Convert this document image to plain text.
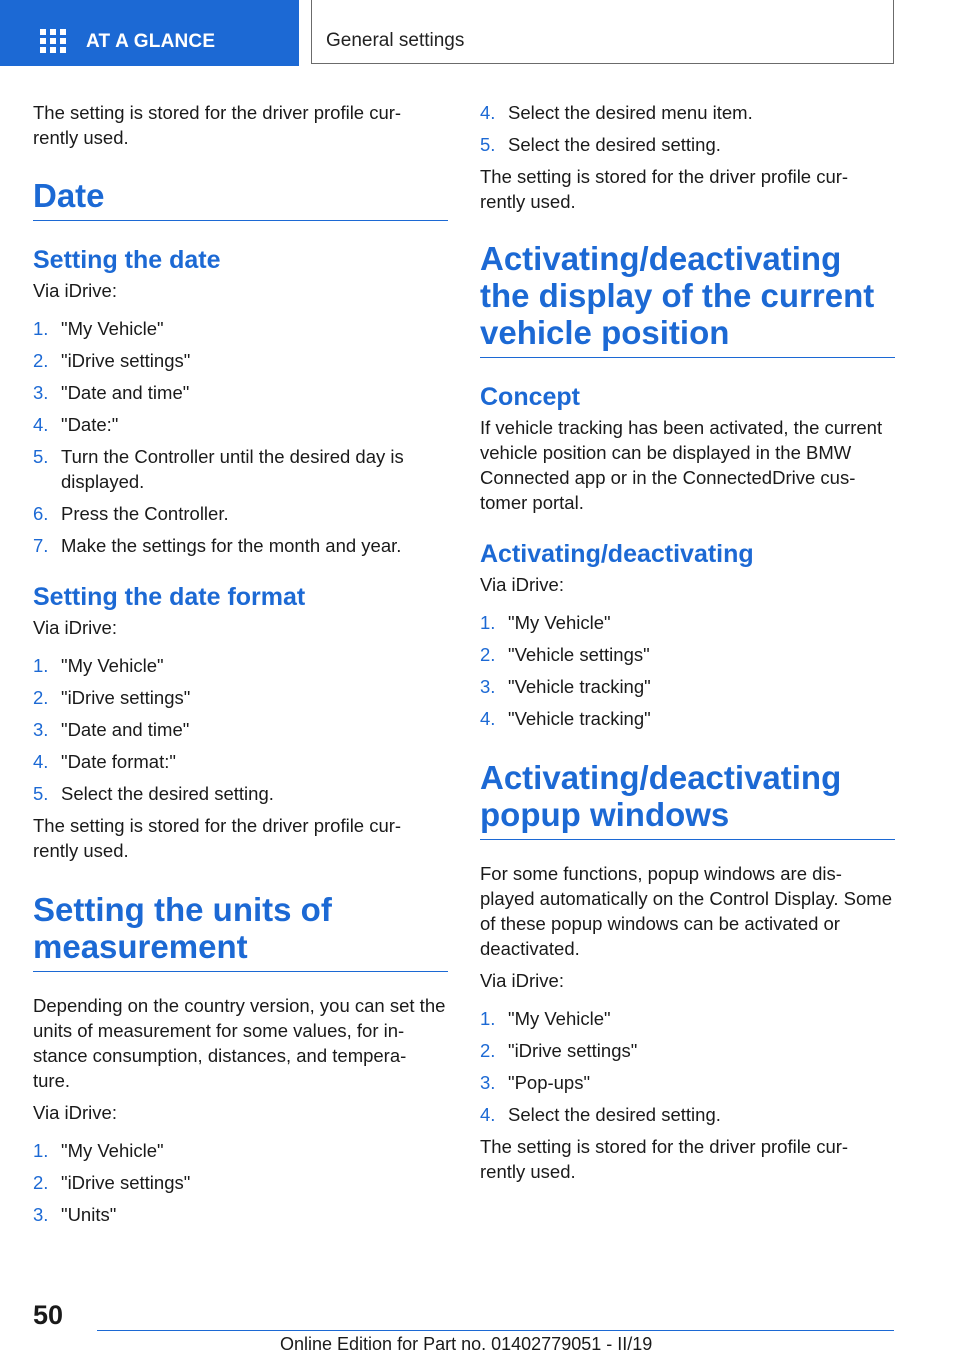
AT A GLANCE	General settings

The setting is stored for the driver profile cur-
rently used.

Date
Setting the date

Via iDrive:

1. "My Vehicle"
2. "iDrive settings"
3. "Date and time"
4. "Date:"
5. Turn the Controller until the desired day is displayed.
6. Press the Controller.
7. Make the settings for the month and year.
Setting the date format

Via iDrive:

1. "My Vehicle"
2. "iDrive settings"
3. "Date and time"
4. "Date format:"
5. Select the desired setting.

The setting is stored for the driver profile cur-
rently used.

Setting the units of measurement

Depending on the country version, you can set the units of measurement for some values, for in-
stance consumption, distances, and tempera-
ture.

Via iDrive:

1. "My Vehicle"
2. "iDrive settings"
3. "Units"
4. Select the desired menu item.
5. Select the desired setting.

The setting is stored for the driver profile cur-
rently used.

Activating/deactivating the display of the current vehicle position
Concept

If vehicle tracking has been activated, the current vehicle position can be displayed in the BMW Connected app or in the ConnectedDrive cus-
tomer portal.

Activating/deactivating

Via iDrive:

1. "My Vehicle"
2. "Vehicle settings"
3. "Vehicle tracking"
4. "Vehicle tracking"
Activating/deactivating popup windows

For some functions, popup windows are dis-
played automatically on the Control Display. Some of these popup windows can be activated or deactivated.

Via iDrive:

1. "My Vehicle"
2. "iDrive settings"
3. "Pop-ups"
4. Select the desired setting.

The setting is stored for the driver profile cur-
rently used.

50
Online Edition for Part no. 01402779051 - II/19
